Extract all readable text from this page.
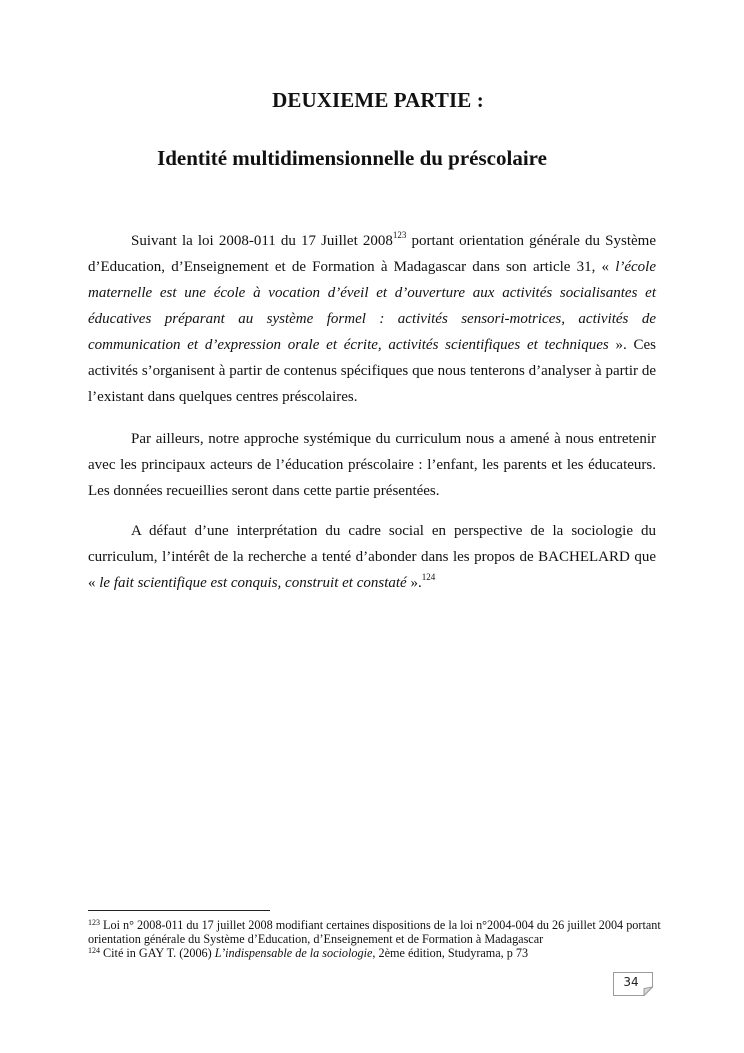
DEUXIEME PARTIE :
Identité multidimensionnelle du préscolaire

Suivant la loi 2008-011 du 17 Juillet 2008$^{123}$ portant orientation générale du Système d’Education, d’Enseignement et de Formation à Madagascar dans son article 31, « l’école maternelle est une école à vocation d’éveil et d’ouverture aux activités socialisantes et éducatives préparant au système formel : activités sensori-motrices, activités de communication et d’expression orale et écrite, activités scientifiques et techniques ». Ces activités s’organisent à partir de contenus spécifiques que nous tenterons d’analyser à partir de l’existant dans quelques centres préscolaires.

Par ailleurs, notre approche systémique du curriculum nous a amené à nous entretenir avec les principaux acteurs de l’éducation préscolaire : l’enfant, les parents et les éducateurs. Les données recueillies seront dans cette partie présentées.

A défaut d’une interprétation du cadre social en perspective de la sociologie du curriculum, l’intérêt de la recherche a tenté d’abonder dans les propos de BACHELARD que « le fait scientifique est conquis, construit et constaté ».$^{124}$

$^{123}$ Loi n° 2008-011 du 17 juillet 2008 modifiant certaines dispositions de la loi n°2004-004 du 26 juillet 2004 portant orientation générale du Système d’Education, d’Enseignement et de Formation à Madagascar

$^{124}$ Cité in GAY T. (2006) L’indispensable de la sociologie, 2ème édition, Studyrama, p 73

34
